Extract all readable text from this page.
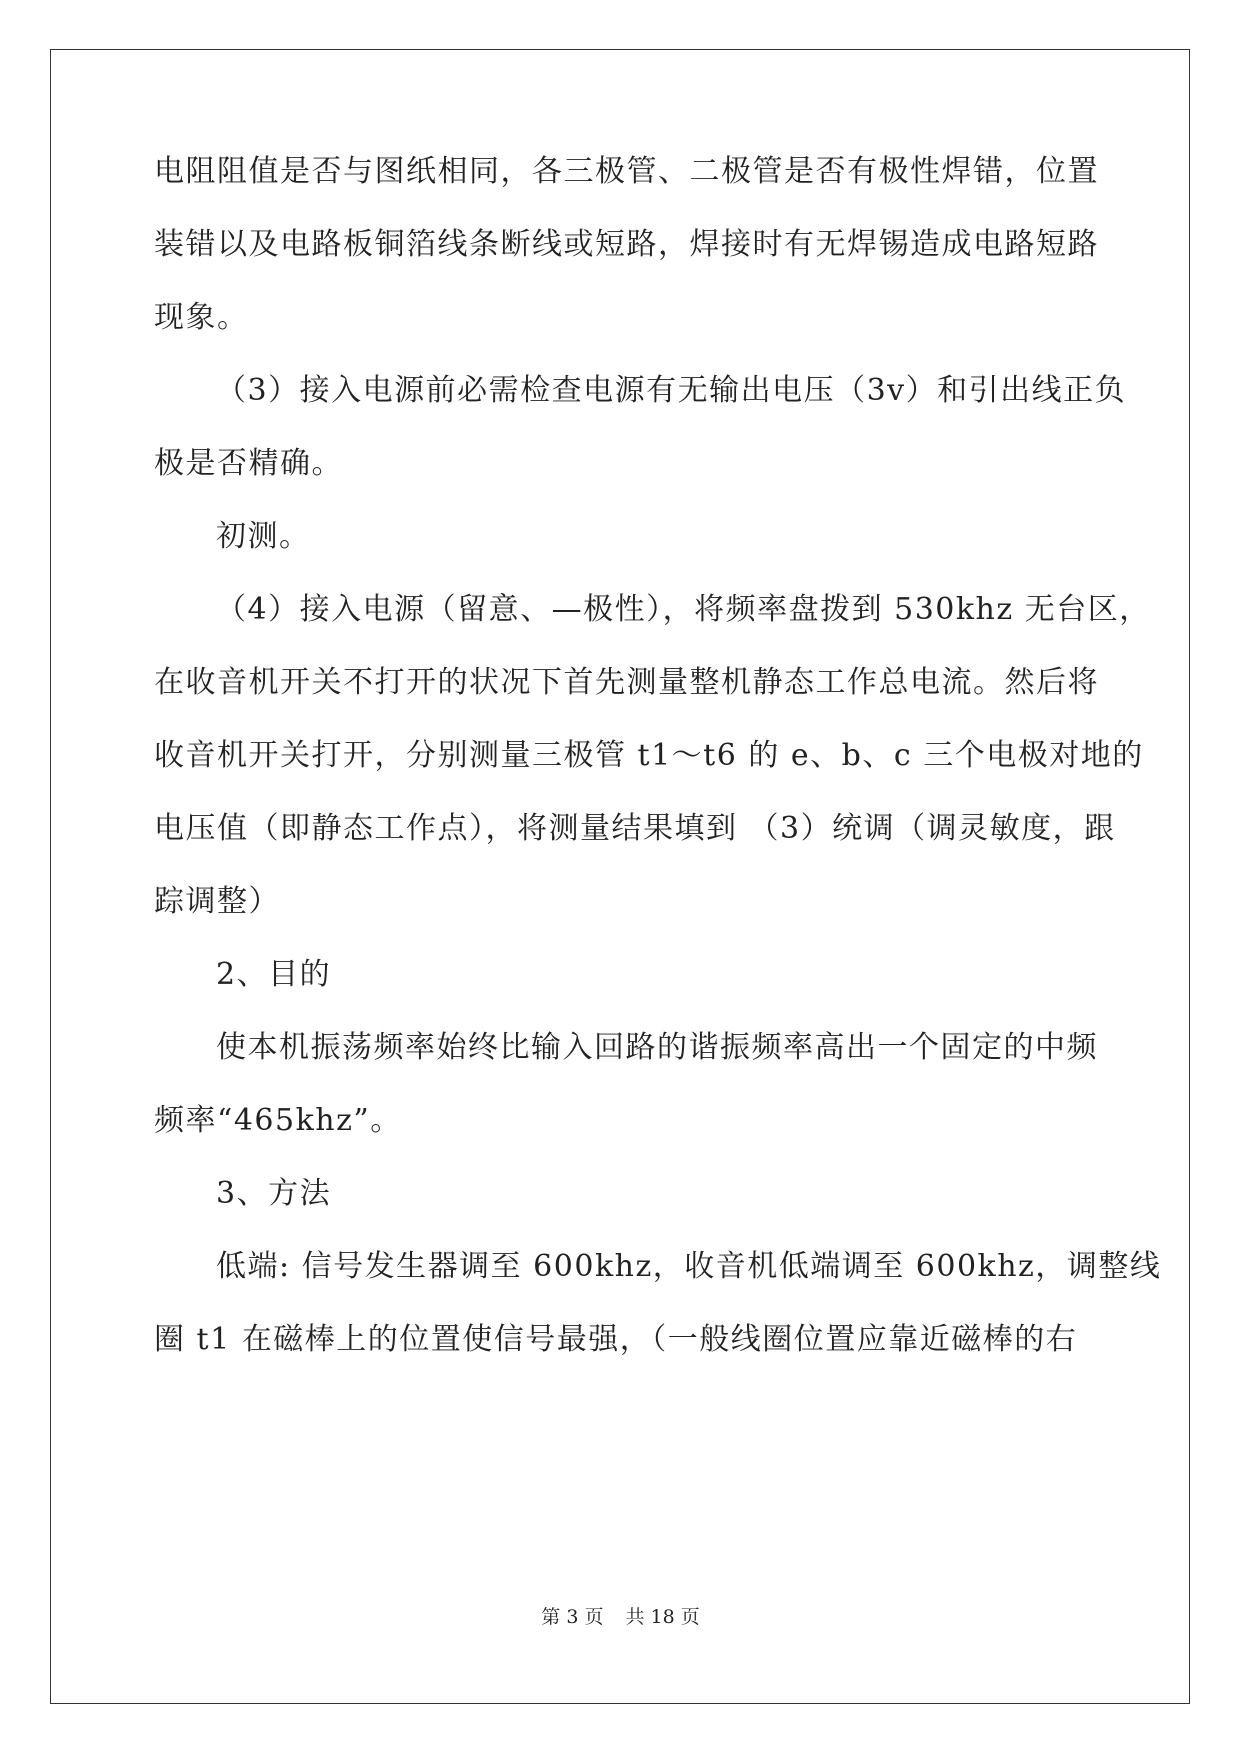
电阻阻值是否与图纸相同，各三极管、二极管是否有极性焊错，位置
装错以及电路板铜箔线条断线或短路，焊接时有无焊锡造成电路短路
现象。
（3）接入电源前必需检查电源有无输出电压（3v）和引出线正负
极是否精确。
初测。
（4）接入电源（留意、—极性），将频率盘拨到 530khz 无台区，
在收音机开关不打开的状况下首先测量整机静态工作总电流。然后将
收音机开关打开，分别测量三极管 t1～t6 的 e、b、c 三个电极对地的
电压值（即静态工作点），将测量结果填到 （3）统调（调灵敏度，跟
踪调整）
2、目的
使本机振荡频率始终比输入回路的谐振频率高出一个固定的中频
频率“465khz”。
3、方法
低端: 信号发生器调至 600khz，收音机低端调至 600khz，调整线
圈 t1 在磁棒上的位置使信号最强，（一般线圈位置应靠近磁棒的右
第 3 页 共 18 页
